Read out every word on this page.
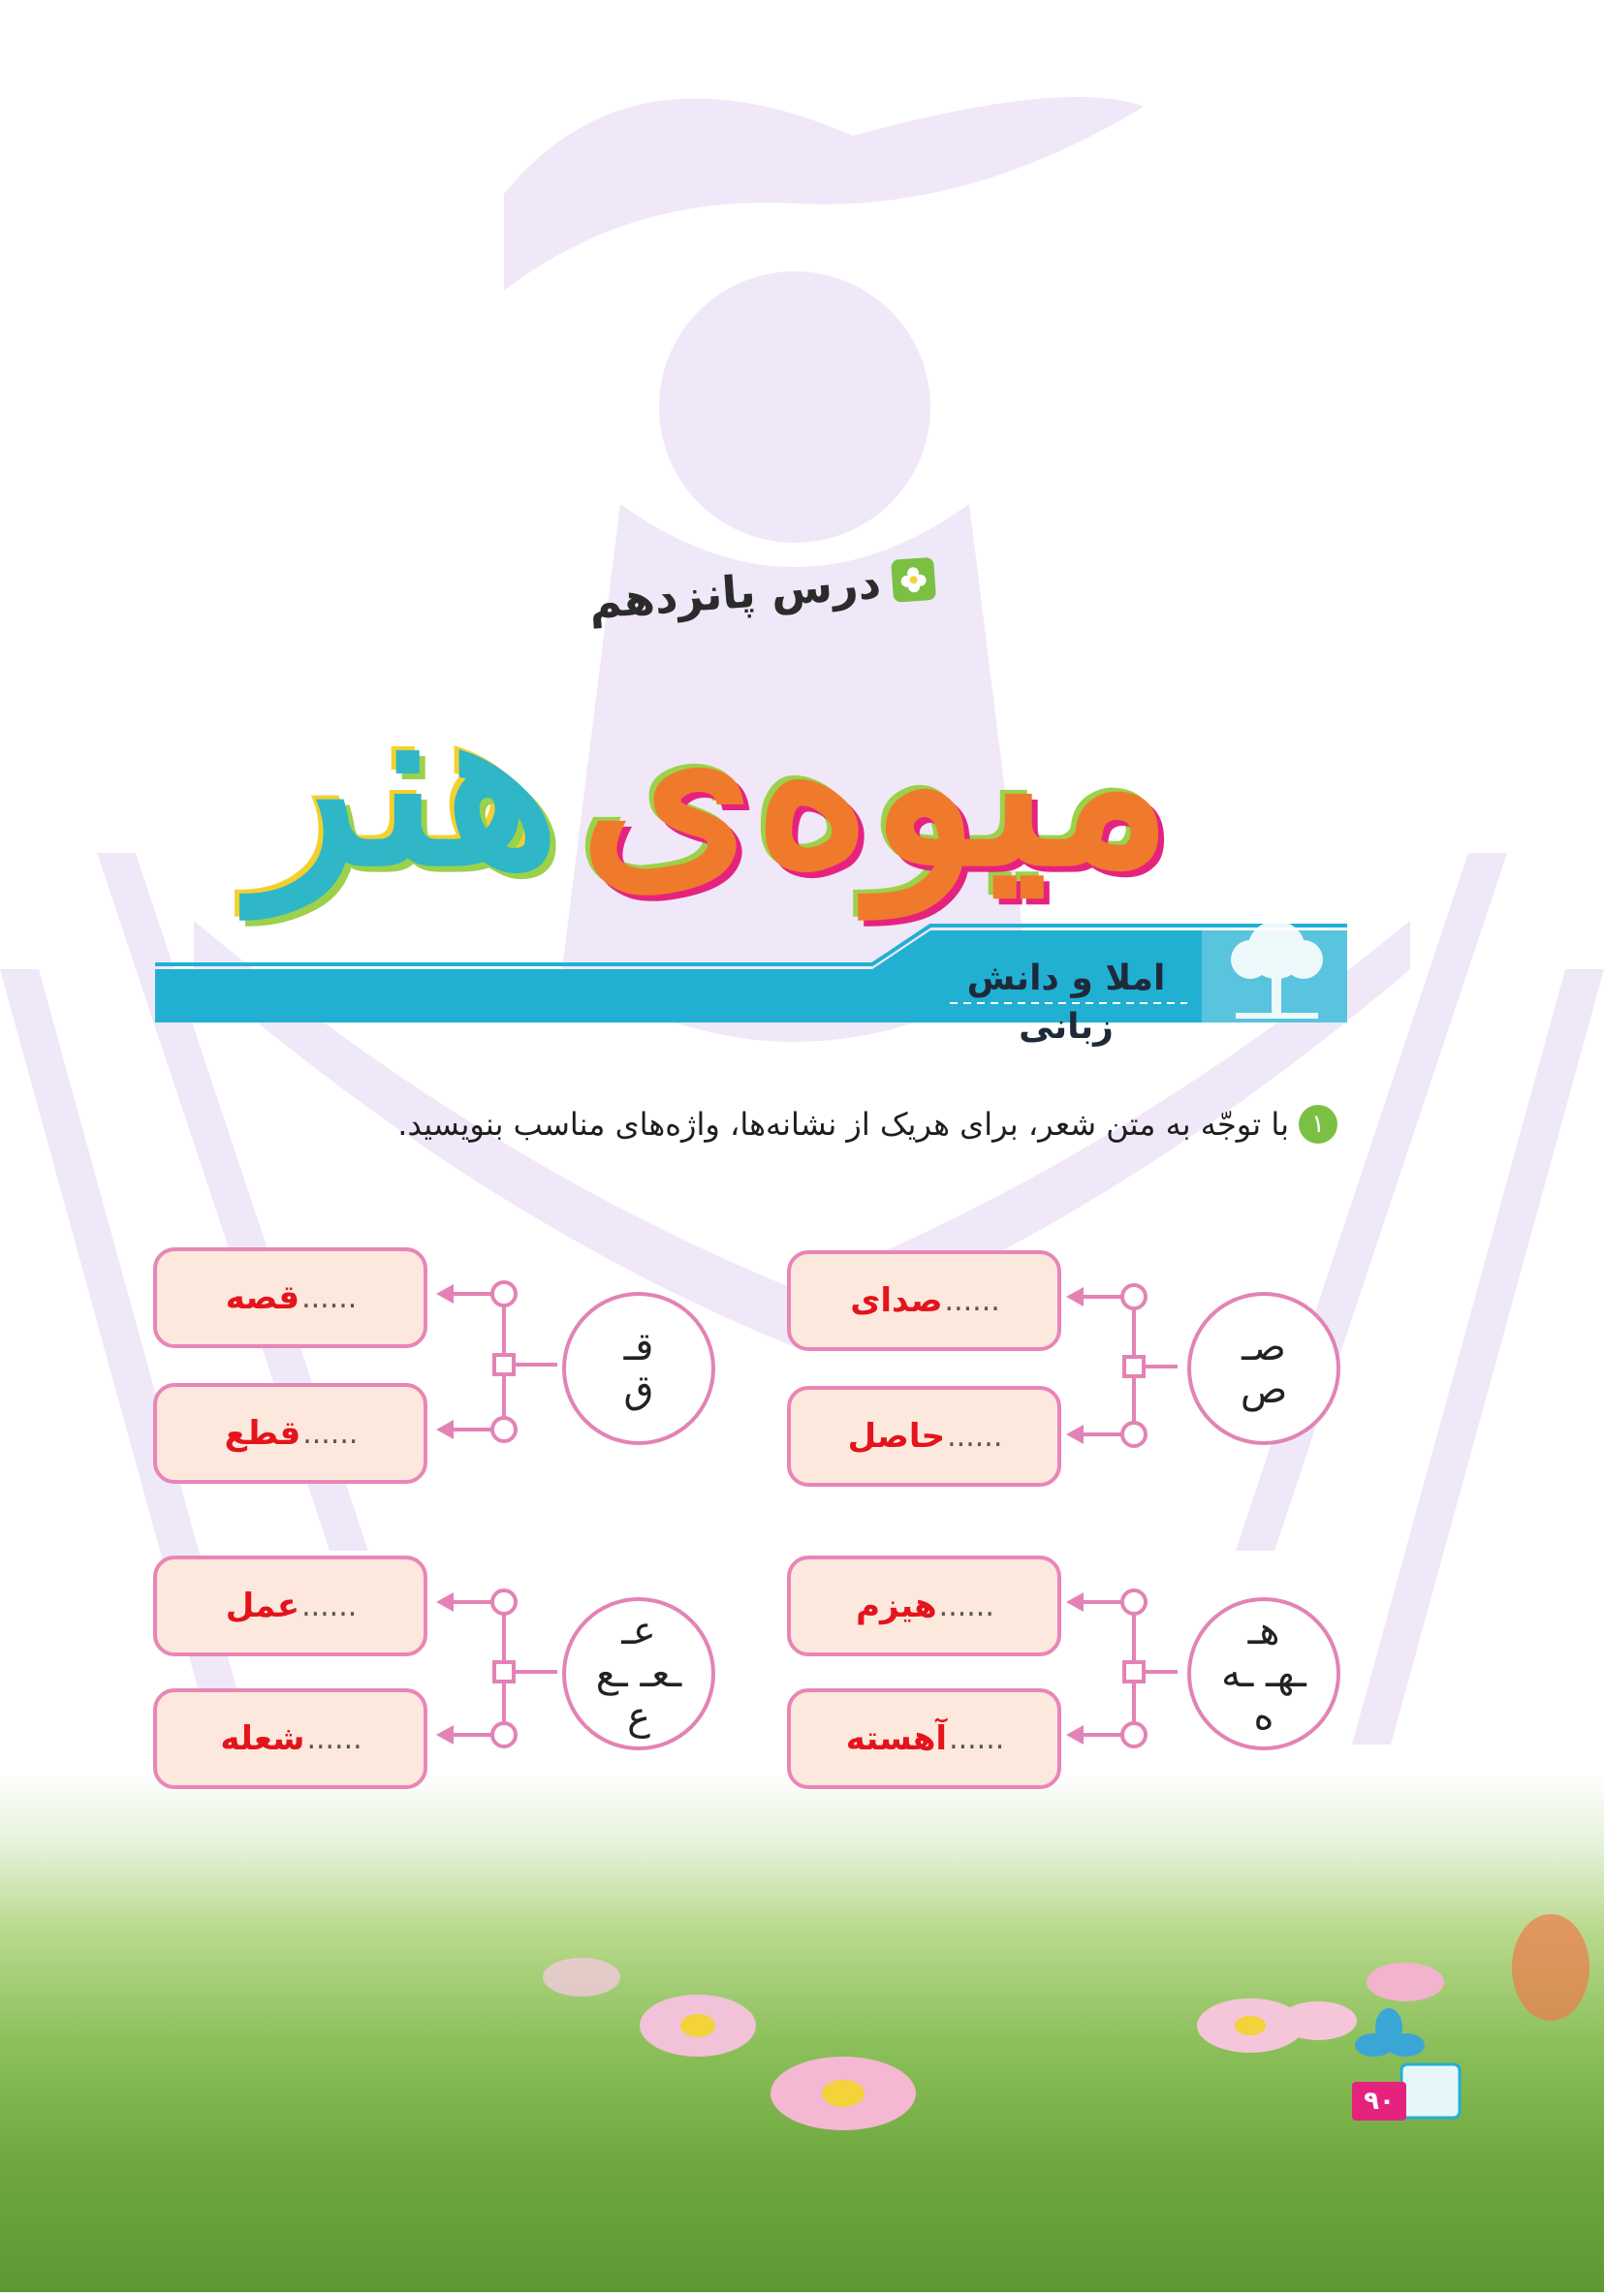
درس پانزدهم
میوه‌ی
هنر
املا و دانش زبانی
۱
با توجّه به متن شعر، برای هریک از نشانه‌ها، واژه‌های مناسب بنویسید.
صـ
ص
......
صدای
......
حاصل
قـ
ق
......
قصه
......
قطع
هـ
ـهـ ـه
ه
......
هیزم
......
آهسته
عـ
ـعـ ـع
ع
......
عمل
......
شعله
۹۰
